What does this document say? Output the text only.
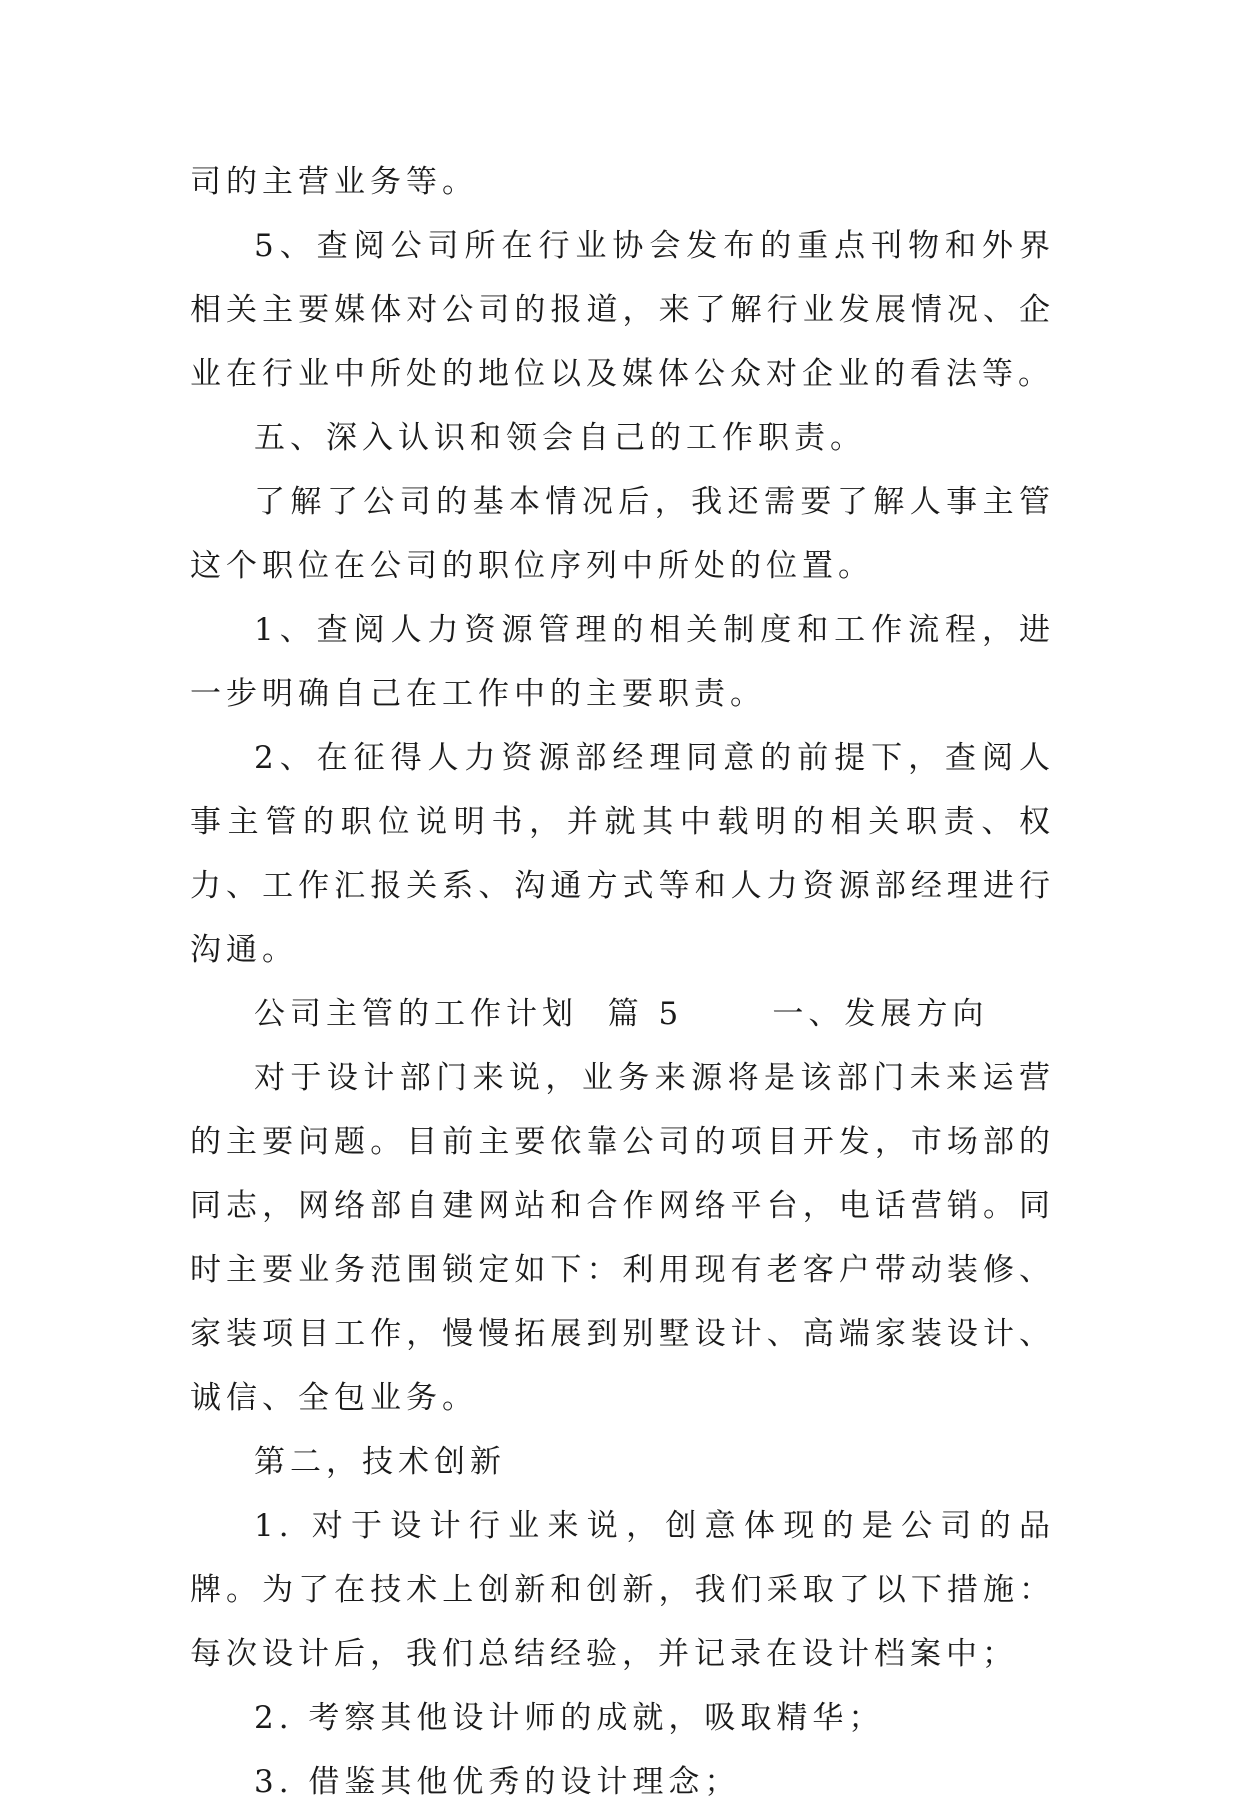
司的主营业务等。

5、查阅公司所在行业协会发布的重点刊物和外界相关主要媒体对公司的报道，来了解行业发展情况、企业在行业中所处的地位以及媒体公众对企业的看法等。

五、深入认识和领会自己的工作职责。

了解了公司的基本情况后，我还需要了解人事主管这个职位在公司的职位序列中所处的位置。

1、查阅人力资源管理的相关制度和工作流程，进一步明确自己在工作中的主要职责。

2、在征得人力资源部经理同意的前提下，查阅人事主管的职位说明书，并就其中载明的相关职责、权力、工作汇报关系、沟通方式等和人力资源部经理进行沟通。

公司主管的工作计划  篇 5      一、发展方向

对于设计部门来说，业务来源将是该部门未来运营的主要问题。目前主要依靠公司的项目开发，市场部的同志，网络部自建网站和合作网络平台，电话营销。同时主要业务范围锁定如下：利用现有老客户带动装修、家装项目工作，慢慢拓展到别墅设计、高端家装设计、诚信、全包业务。

第二，技术创新

1. 对于设计行业来说，创意体现的是公司的品牌。为了在技术上创新和创新，我们采取了以下措施：每次设计后，我们总结经验，并记录在设计档案中；

2. 考察其他设计师的成就，吸取精华；

3. 借鉴其他优秀的设计理念；
